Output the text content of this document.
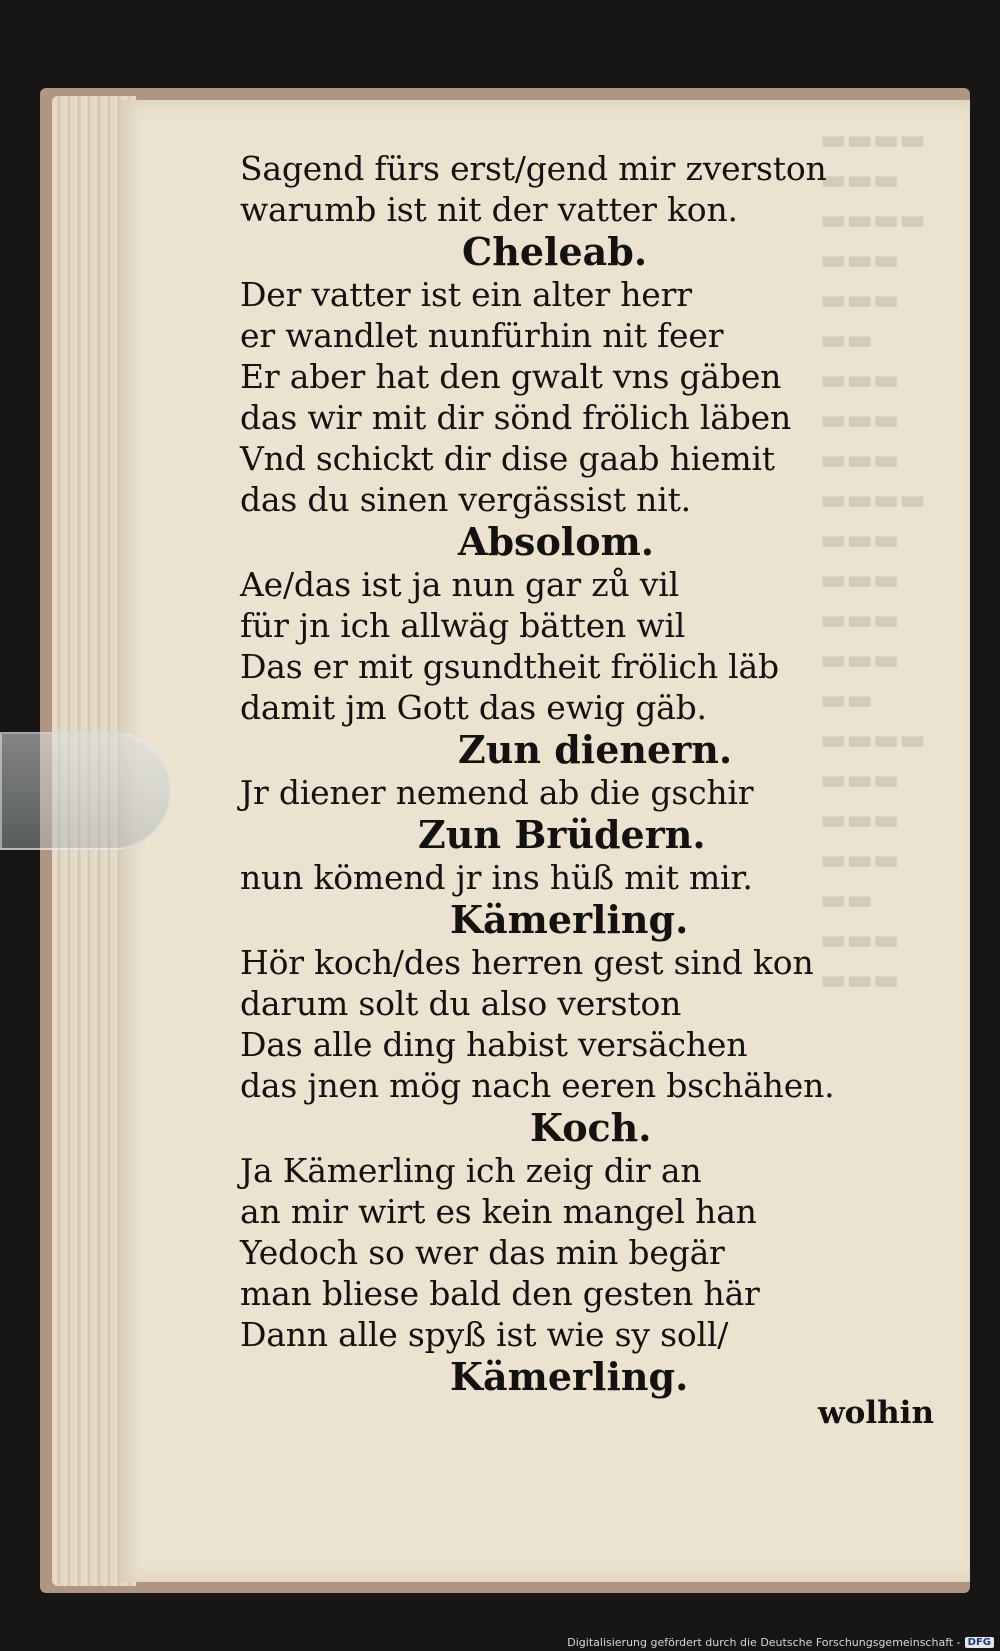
▬▬▬▬
▬▬▬
▬▬▬▬
▬▬▬
▬▬▬
▬▬
▬▬▬
▬▬▬
▬▬▬
▬▬▬▬
▬▬▬
▬▬▬
▬▬▬
▬▬▬
▬▬
▬▬▬▬
▬▬▬
▬▬▬
▬▬▬
▬▬
▬▬▬
▬▬▬
Sagend fürs erst/gend mir zverston
warumb ist nit der vatter kon.
Cheleab.
Der vatter ist ein alter herr
er wandlet nunfürhin nit feer
Er aber hat den gwalt vns gäben
das wir mit dir sönd frölich läben
Vnd schickt dir dise gaab hiemit
das du sinen vergässist nit.
Absolom.
Ae/das ist ja nun gar zů vil
für jn ich allwäg bätten wil
Das er mit gsundtheit frölich läb
damit jm Gott das ewig gäb.
Zun dienern.
Jr diener nemend ab die gschir
Zun Brüdern.
nun kömend jr ins hüß mit mir.
Kämerling.
Hör koch/des herren gest sind kon
darum solt du also verston
Das alle ding habist versächen
das jnen mög nach eeren bschähen.
Koch.
Ja Kämerling ich zeig dir an
an mir wirt es kein mangel han
Yedoch so wer das min begär
man bliese bald den gesten här
Dann alle spyß ist wie sy soll/
Kämerling.
wolhin
Digitalisierung gefördert durch die Deutsche Forschungsgemeinschaft - DFG
